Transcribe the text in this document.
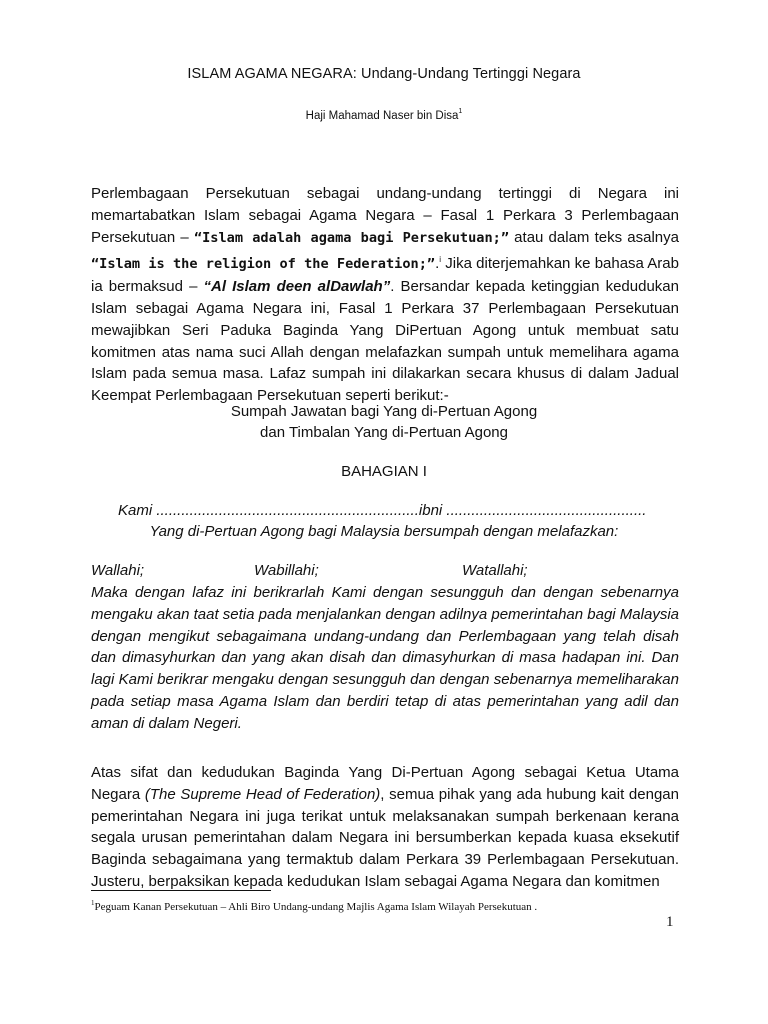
ISLAM AGAMA NEGARA: Undang-Undang Tertinggi Negara
Haji Mahamad Naser bin Disa$^1$
Perlembagaan Persekutuan sebagai undang-undang tertinggi di Negara ini memartabatkan Islam sebagai Agama Negara – Fasal 1 Perkara 3 Perlembagaan Persekutuan – “Islam adalah agama bagi Persekutuan;” atau dalam teks asalnya “Islam is the religion of the Federation;”.$^i$ Jika diterjemahkan ke bahasa Arab ia bermaksud – “Al Islam deen alDawlah”. Bersandar kepada ketinggian kedudukan Islam sebagai Agama Negara ini, Fasal 1 Perkara 37 Perlembagaan Persekutuan mewajibkan Seri Paduka Baginda Yang DiPertuan Agong untuk membuat satu komitmen atas nama suci Allah dengan melafazkan sumpah untuk memelihara agama Islam pada semua masa. Lafaz sumpah ini dilakarkan secara khusus di dalam Jadual Keempat Perlembagaan Persekutuan seperti berikut:-
Sumpah Jawatan bagi Yang di-Pertuan Agong
dan Timbalan Yang di-Pertuan Agong
BAHAGIAN I
Kami ...............................................................ibni ................................................
Yang di-Pertuan Agong bagi Malaysia bersumpah dengan melafazkan:
Wallahi;	Wabillahi;	Watallahi;
Maka dengan lafaz ini berikrarlah Kami dengan sesungguh dan dengan sebenarnya mengaku akan taat setia pada menjalankan dengan adilnya pemerintahan bagi Malaysia dengan mengikut sebagaimana undang-undang dan Perlembagaan yang telah disah dan dimasyhurkan dan yang akan disah dan dimasyhurkan di masa hadapan ini. Dan lagi Kami berikrar mengaku dengan sesungguh dan dengan sebenarnya memeliharakan pada setiap masa Agama Islam dan berdiri tetap di atas pemerintahan yang adil dan aman di dalam Negeri.
Atas sifat dan kedudukan Baginda Yang Di-Pertuan Agong sebagai Ketua Utama Negara (The Supreme Head of Federation), semua pihak yang ada hubung kait dengan pemerintahan Negara ini juga terikat untuk melaksanakan sumpah berkenaan kerana segala urusan pemerintahan dalam Negara ini bersumberkan kepada kuasa eksekutif Baginda sebagaimana yang termaktub dalam Perkara 39 Perlembagaan Persekutuan. Justeru, berpaksikan kepada kedudukan Islam sebagai Agama Negara dan komitmen
$^1$Peguam Kanan Persekutuan – Ahli Biro Undang-undang Majlis Agama Islam Wilayah Persekutuan .
1
